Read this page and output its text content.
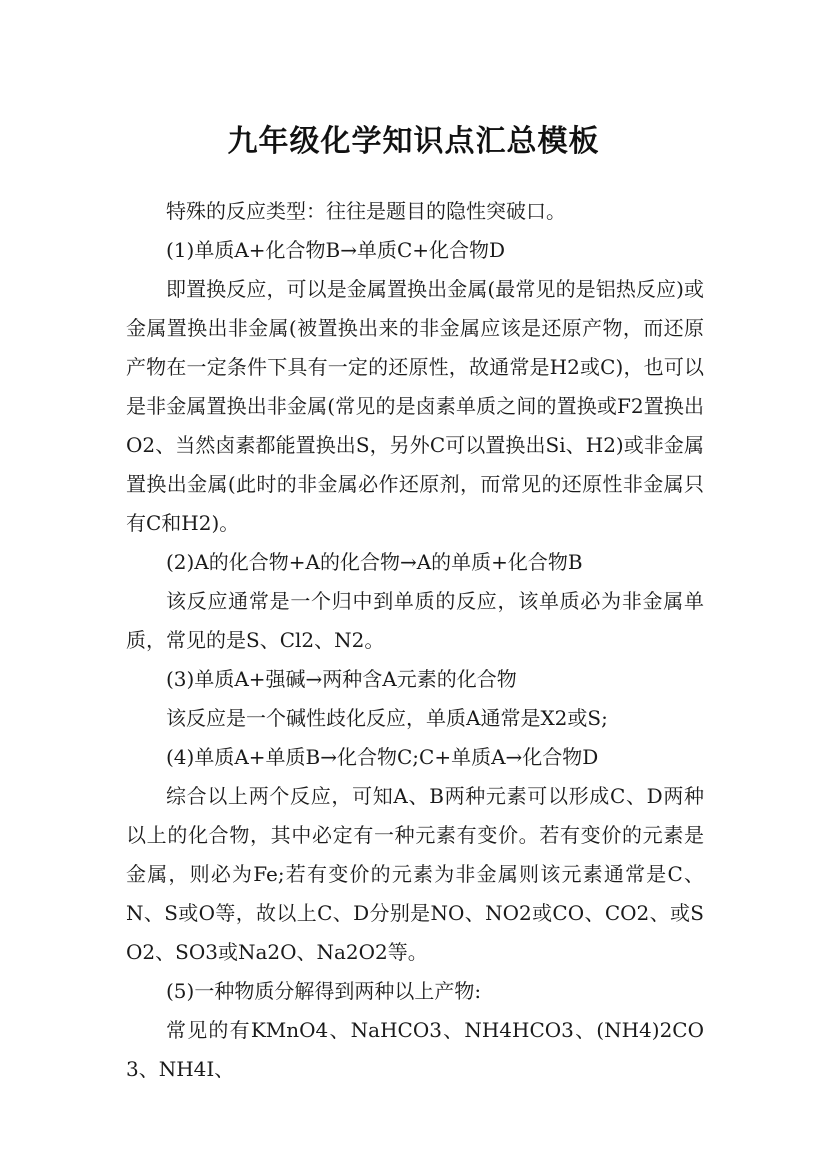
九年级化学知识点汇总模板

特殊的反应类型：往往是题目的隐性突破口。

(1)单质A+化合物B→单质C+化合物D

即置换反应，可以是金属置换出金属(最常见的是铝热反应)或金属置换出非金属(被置换出来的非金属应该是还原产物，而还原产物在一定条件下具有一定的还原性，故通常是H2或C)，也可以是非金属置换出非金属(常见的是卤素单质之间的置换或F2置换出O2、当然卤素都能置换出S，另外C可以置换出Si、H2)或非金属置换出金属(此时的非金属必作还原剂，而常见的还原性非金属只有C和H2)。

(2)A的化合物+A的化合物→A的单质+化合物B

该反应通常是一个归中到单质的反应，该单质必为非金属单质，常见的是S、Cl2、N2。

(3)单质A+强碱→两种含A元素的化合物

该反应是一个碱性歧化反应，单质A通常是X2或S;

(4)单质A+单质B→化合物C;C+单质A→化合物D

综合以上两个反应，可知A、B两种元素可以形成C、D两种以上的化合物，其中必定有一种元素有变价。若有变价的元素是金属，则必为Fe;若有变价的元素为非金属则该元素通常是C、N、S或O等，故以上C、D分别是NO、NO2或CO、CO2、或SO2、SO3或Na2O、Na2O2等。

(5)一种物质分解得到两种以上产物:

常见的有KMnO4、NaHCO3、NH4HCO3、(NH4)2CO3、NH4I、
